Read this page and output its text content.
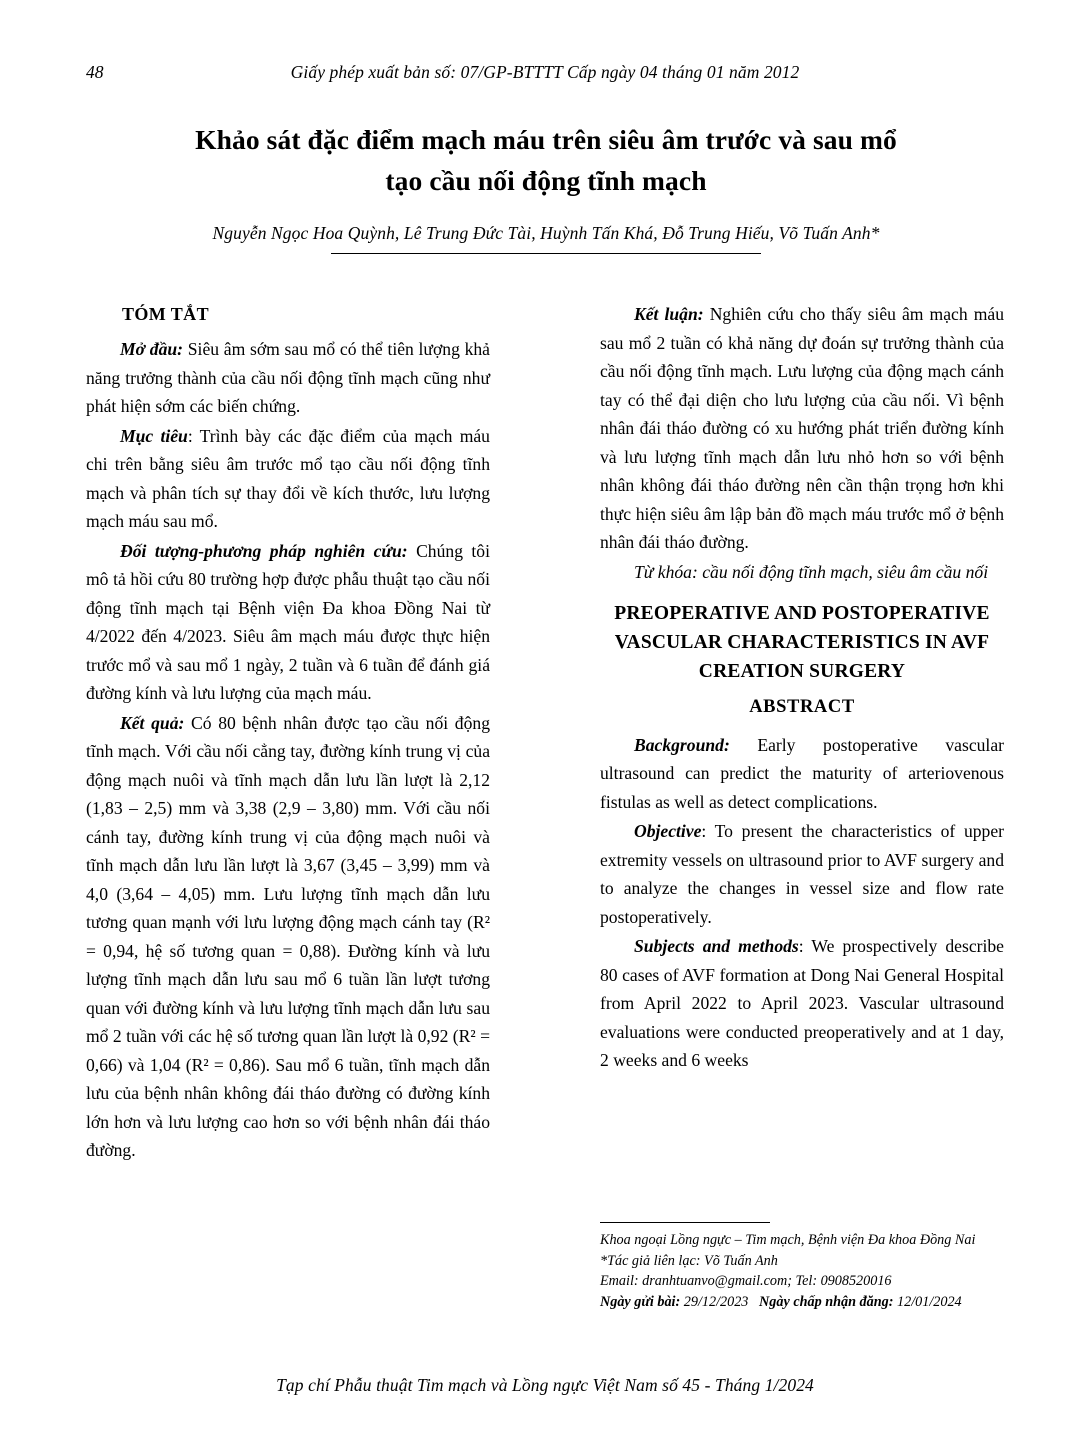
48	Giấy phép xuất bản số: 07/GP-BTTTT Cấp ngày 04 tháng 01 năm 2012
Khảo sát đặc điểm mạch máu trên siêu âm trước và sau mổ
tạo cầu nối động tĩnh mạch
Nguyễn Ngọc Hoa Quỳnh, Lê Trung Đức Tài, Huỳnh Tấn Khá, Đỗ Trung Hiếu, Võ Tuấn Anh*
TÓM TẮT

Mở đầu: Siêu âm sớm sau mổ có thể tiên lượng khả năng trưởng thành của cầu nối động tĩnh mạch cũng như phát hiện sớm các biến chứng.

Mục tiêu: Trình bày các đặc điểm của mạch máu chi trên bằng siêu âm trước mổ tạo cầu nối động tĩnh mạch và phân tích sự thay đổi về kích thước, lưu lượng mạch máu sau mổ.

Đối tượng-phương pháp nghiên cứu: Chúng tôi mô tả hồi cứu 80 trường hợp được phẫu thuật tạo cầu nối động tĩnh mạch tại Bệnh viện Đa khoa Đồng Nai từ 4/2022 đến 4/2023. Siêu âm mạch máu được thực hiện trước mổ và sau mổ 1 ngày, 2 tuần và 6 tuần để đánh giá đường kính và lưu lượng của mạch máu.

Kết quả: Có 80 bệnh nhân được tạo cầu nối động tĩnh mạch. Với cầu nối cẳng tay, đường kính trung vị của động mạch nuôi và tĩnh mạch dẫn lưu lần lượt là 2,12 (1,83 – 2,5) mm và 3,38 (2,9 – 3,80) mm. Với cầu nối cánh tay, đường kính trung vị của động mạch nuôi và tĩnh mạch dẫn lưu lần lượt là 3,67 (3,45 – 3,99) mm và 4,0 (3,64 – 4,05) mm. Lưu lượng tĩnh mạch dẫn lưu tương quan mạnh với lưu lượng động mạch cánh tay (R² = 0,94, hệ số tương quan = 0,88). Đường kính và lưu lượng tĩnh mạch dẫn lưu sau mổ 6 tuần lần lượt tương quan với đường kính và lưu lượng tĩnh mạch dẫn lưu sau mổ 2 tuần với các hệ số tương quan lần lượt là 0,92 (R² = 0,66) và 1,04 (R² = 0,86). Sau mổ 6 tuần, tĩnh mạch dẫn lưu của bệnh nhân không đái tháo đường có đường kính lớn hơn và lưu lượng cao hơn so với bệnh nhân đái tháo đường.

Kết luận: Nghiên cứu cho thấy siêu âm mạch máu sau mổ 2 tuần có khả năng dự đoán sự trưởng thành của cầu nối động tĩnh mạch. Lưu lượng của động mạch cánh tay có thể đại diện cho lưu lượng của cầu nối. Vì bệnh nhân đái tháo đường có xu hướng phát triển đường kính và lưu lượng tĩnh mạch dẫn lưu nhỏ hơn so với bệnh nhân không đái tháo đường nên cần thận trọng hơn khi thực hiện siêu âm lập bản đồ mạch máu trước mổ ở bệnh nhân đái tháo đường.

Từ khóa: cầu nối động tĩnh mạch, siêu âm cầu nối

PREOPERATIVE AND POSTOPERATIVE VASCULAR CHARACTERISTICS IN AVF CREATION SURGERY
ABSTRACT

Background: Early postoperative vascular ultrasound can predict the maturity of arteriovenous fistulas as well as detect complications.

Objective: To present the characteristics of upper extremity vessels on ultrasound prior to AVF surgery and to analyze the changes in vessel size and flow rate postoperatively.

Subjects and methods: We prospectively describe 80 cases of AVF formation at Dong Nai General Hospital from April 2022 to April 2023. Vascular ultrasound evaluations were conducted preoperatively and at 1 day, 2 weeks and 6 weeks

Khoa ngoại Lồng ngực – Tim mạch, Bệnh viện Đa khoa Đồng Nai
*Tác giả liên lạc: Võ Tuấn Anh
Email: dranhtuanvo@gmail.com; Tel: 0908520016
Ngày gửi bài: 29/12/2023 Ngày chấp nhận đăng: 12/01/2024
Tạp chí Phẫu thuật Tim mạch và Lồng ngực Việt Nam số 45 - Tháng 1/2024
